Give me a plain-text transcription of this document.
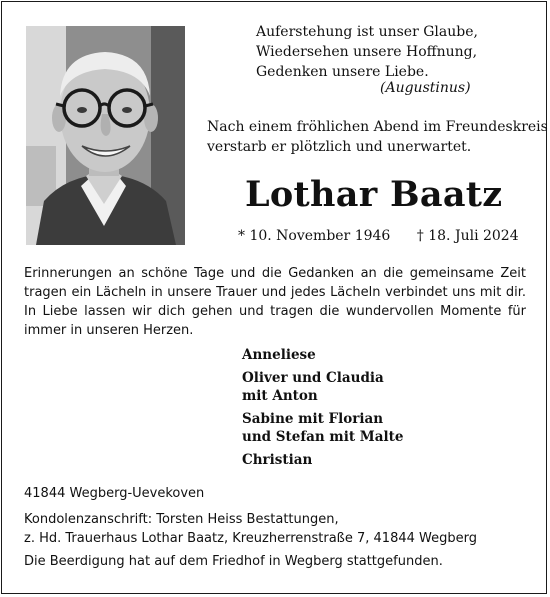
Auferstehung ist unser Glaube,
Wiedersehen unsere Hoffnung,
Gedenken unsere Liebe.
(Augustinus)
Nach einem fröhlichen Abend im Freundeskreis
verstarb er plötzlich und unerwartet.
Lothar Baatz
* 10. November 1946 † 18. Juli 2024
Erinnerungen an schöne Tage und die Gedanken an die gemeinsame Zeit
tragen ein Lächeln in unsere Trauer und jedes Lächeln verbindet uns mit dir.
In Liebe lassen wir dich gehen und tragen die wundervollen Momente für
immer in unseren Herzen.
Anneliese
Oliver und Claudia
mit Anton
Sabine mit Florian
und Stefan mit Malte
Christian
41844 Wegberg-Uevekoven
Kondolenzanschrift: Torsten Heiss Bestattungen,
z. Hd. Trauerhaus Lothar Baatz, Kreuzherrenstraße 7, 41844 Wegberg
Die Beerdigung hat auf dem Friedhof in Wegberg stattgefunden.
